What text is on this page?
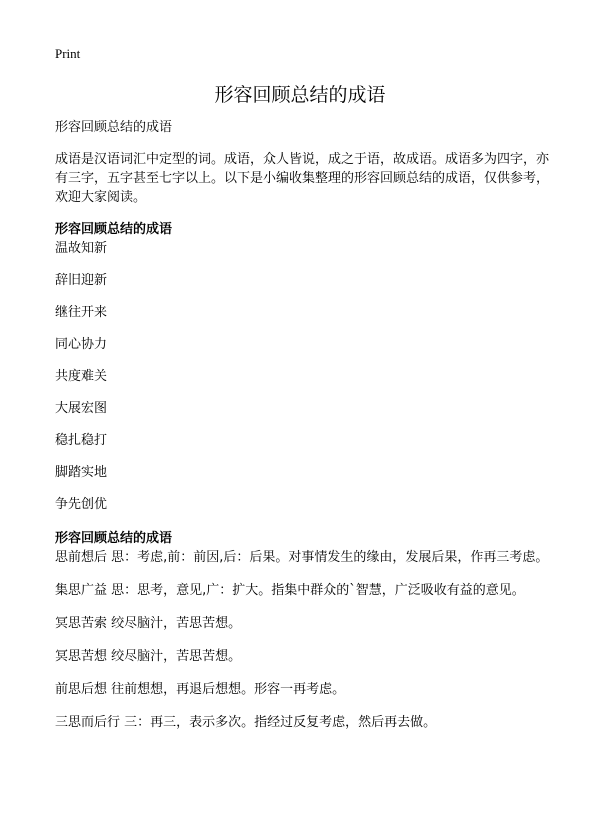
Print
形容回顾总结的成语

形容回顾总结的成语

成语是汉语词汇中定型的词。成语，众人皆说，成之于语，故成语。成语多为四字，亦有三字，五字甚至七字以上。以下是小编收集整理的形容回顾总结的成语，仅供参考，欢迎大家阅读。

形容回顾总结的成语

温故知新
辞旧迎新
继往开来
同心协力
共度难关
大展宏图
稳扎稳打
脚踏实地
争先创优

形容回顾总结的成语

思前想后 思：考虑,前：前因,后：后果。对事情发生的缘由，发展后果，作再三考虑。
集思广益 思：思考，意见,广：扩大。指集中群众的`智慧，广泛吸收有益的意见。
冥思苦索 绞尽脑汁，苦思苦想。
冥思苦想 绞尽脑汁，苦思苦想。
前思后想 往前想想，再退后想想。形容一再考虑。
三思而后行 三：再三，表示多次。指经过反复考虑，然后再去做。
